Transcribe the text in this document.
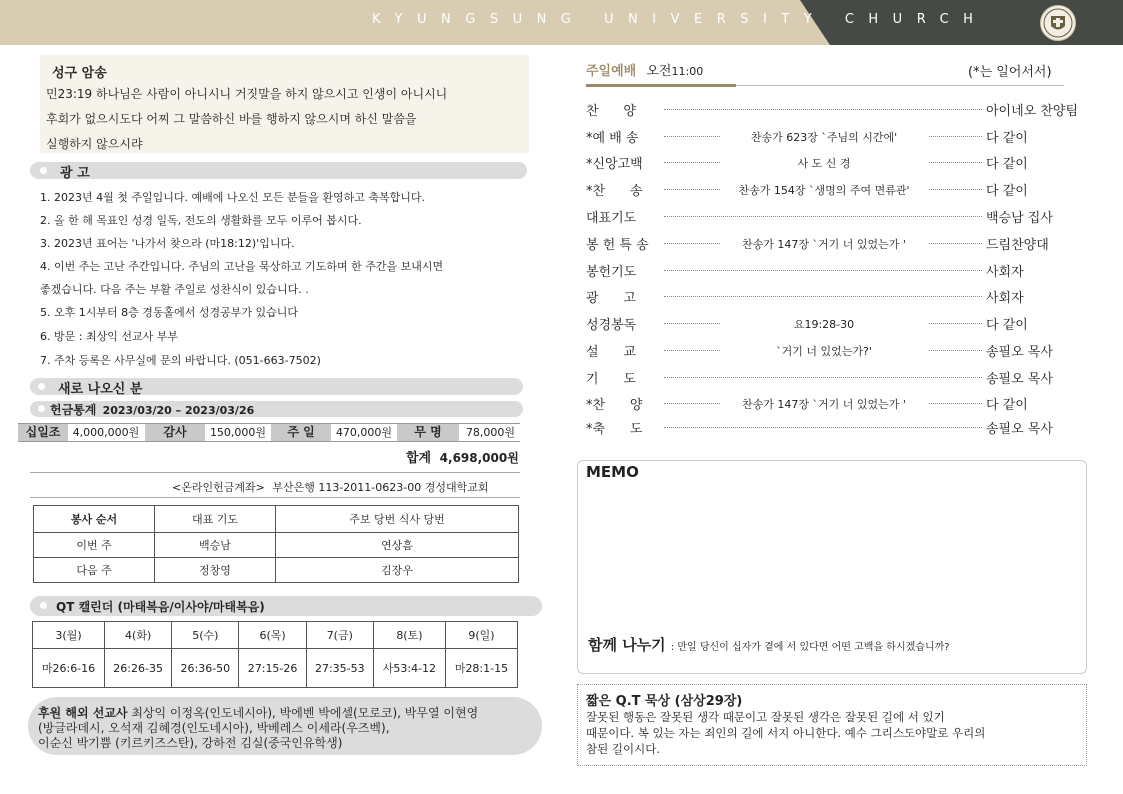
KYUNGSUNG UNIVERSITY CHURCH
성구 암송
민23:19 하나님은 사람이 아니시니 거짓말을 하지 않으시고 인생이 아니시니
후회가 없으시도다 어찌 그 말씀하신 바를 행하지 않으시며 하신 말씀을
실행하지 않으시랴
광 고
1. 2023년 4월 첫 주일입니다. 예배에 나오신 모든 분들을 환영하고 축복합니다.
2. 올 한 해 목표인 성경 일독, 전도의 생활화를 모두 이루어 봅시다.
3. 2023년 표어는 '나가서 찾으라 (마18:12)'입니다.
4. 이번 주는 고난 주간입니다. 주님의 고난을 묵상하고 기도하며 한 주간을 보내시면
좋겠습니다. 다음 주는 부활 주일로 성찬식이 있습니다. .
5. 오후 1시부터 8층 경동홀에서 성경공부가 있습니다
6. 방문 : 최상익 선교사 부부
7. 주차 등록은 사무실에 문의 바랍니다. (051-663-7502)
새로 나오신 분
헌금통계 2023/03/20 – 2023/03/26
십일조	4,000,000원	감사	150,000원	주 일	470,000원	무 명	78,000원
합계 4,698,000원
<온라인헌금계좌> 부산은행 113-2011-0623-00 경성대학교회
봉사 순서	대표 기도	주보 당번 식사 당번
이번 주	백승남	연상흠
다음 주	정창영	김장우
QT 캘린더 (마태복음/이사야/마태복음)
3(월)	4(화)	5(수)	6(목)	7(금)	8(토)	9(일)
마26:6-16	26:26-35	26:36-50	27:15-26	27:35-53	사53:4-12	마28:1-15
후원 해외 선교사 최상익 이정옥(인도네시아), 박에벤 박에셀(모로코), 박무열 이현영
(방글라데시, 오석재 김혜경(인도네시아), 박베레스 이세라(우즈벡),
이순신 박기쁨 (키르키즈스탄), 강하전 김실(중국인유학생)
주일예배 오전11:00	(*는 일어서서)
찬      양	아이네오 찬양팀
*예 배 송	찬송가 623장 `주님의 시간에'	다 같이
*신앙고백	사 도 신 경	다 같이
*찬      송	찬송가 154장 `생명의 주여 면류관'	다 같이
대표기도	백승남 집사
봉 헌 특 송	찬송가 147장 `거기 너 있었는가 '	드림찬양대
봉헌기도	사회자
광      고	사회자
성경봉독	요19:28-30	다 같이
설      교	`거기 너 있었는가?'	송필오 목사
기      도	송필오 목사
*찬      양	찬송가 147장 `거기 너 있었는가 '	다 같이
*축      도	송필오 목사
MEMO
함께 나누기 : 만일 당신이 십자가 곁에 서 있다면 어떤 고백을 하시겠습니까?
짧은 Q.T 묵상 (삼상29장)
잘못된 행동은 잘못된 생각 때문이고 잘못된 생각은 잘못된 길에 서 있기
때문이다. 복 있는 자는 죄인의 길에 서지 아니한다. 예수 그리스도야말로 우리의
참된 길이시다.
